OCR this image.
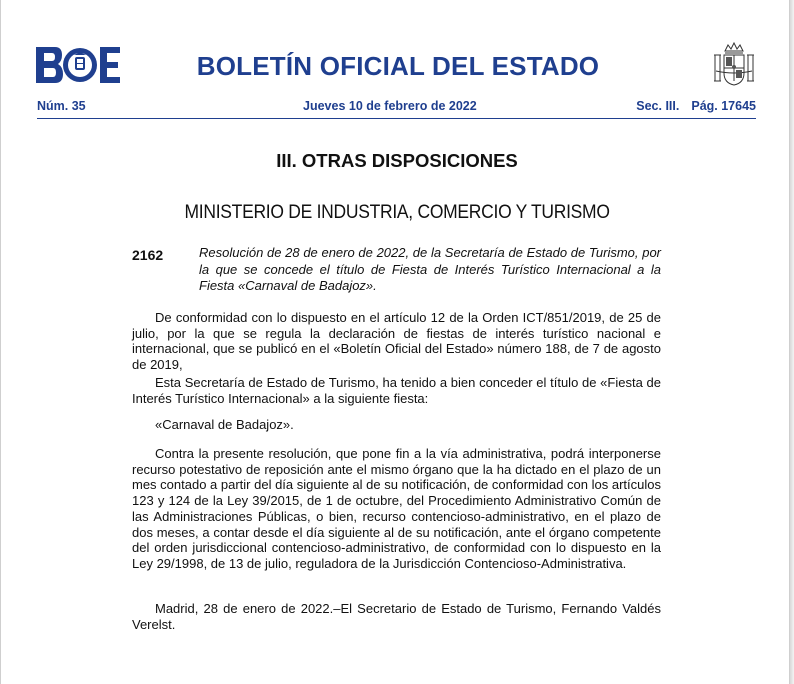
BOLETÍN OFICIAL DEL ESTADO
Núm. 35	Jueves 10 de febrero de 2022	Sec. III. Pág. 17645
III. OTRAS DISPOSICIONES
MINISTERIO DE INDUSTRIA, COMERCIO Y TURISMO
2162	Resolución de 28 de enero de 2022, de la Secretaría de Estado de Turismo, por la que se concede el título de Fiesta de Interés Turístico Internacional a la Fiesta «Carnaval de Badajoz».

De conformidad con lo dispuesto en el artículo 12 de la Orden ICT/851/2019, de 25 de julio, por la que se regula la declaración de fiestas de interés turístico nacional e internacional, que se publicó en el «Boletín Oficial del Estado» número 188, de 7 de agosto de 2019,

Esta Secretaría de Estado de Turismo, ha tenido a bien conceder el título de «Fiesta de Interés Turístico Internacional» a la siguiente fiesta:

«Carnaval de Badajoz».

Contra la presente resolución, que pone fin a la vía administrativa, podrá interponerse recurso potestativo de reposición ante el mismo órgano que la ha dictado en el plazo de un mes contado a partir del día siguiente al de su notificación, de conformidad con los artículos 123 y 124 de la Ley 39/2015, de 1 de octubre, del Procedimiento Administrativo Común de las Administraciones Públicas, o bien, recurso contencioso-administrativo, en el plazo de dos meses, a contar desde el día siguiente al de su notificación, ante el órgano competente del orden jurisdiccional contencioso-administrativo, de conformidad con lo dispuesto en la Ley 29/1998, de 13 de julio, reguladora de la Jurisdicción Contencioso-Administrativa.

Madrid, 28 de enero de 2022.–El Secretario de Estado de Turismo, Fernando Valdés Verelst.
